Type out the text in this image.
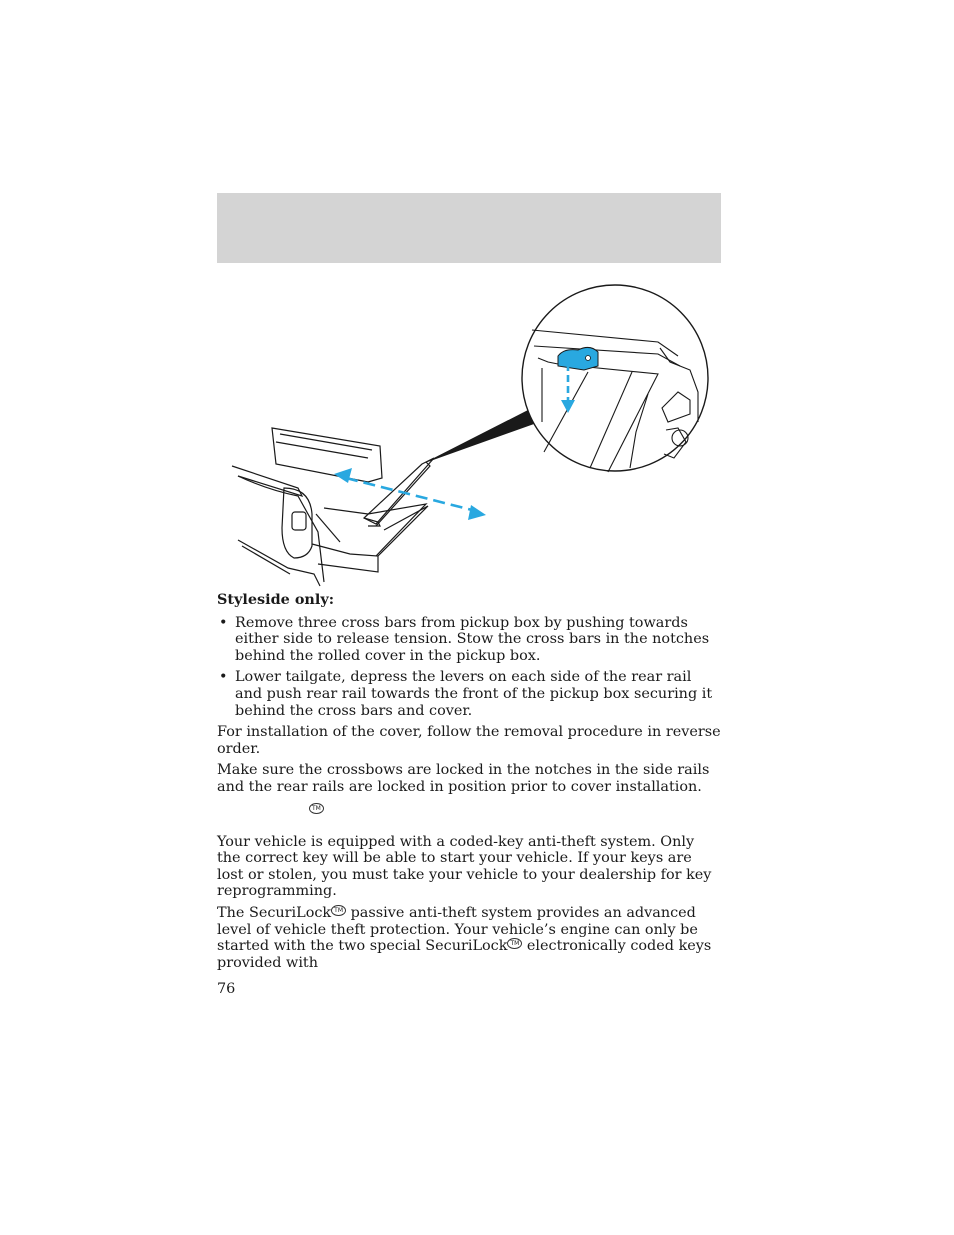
Styleside only:

• Remove three cross bars from pickup box by pushing towards either side to release tension. Stow the cross bars in the notches behind the rolled cover in the pickup box.
• Lower tailgate, depress the levers on each side of the rear rail and push rear rail towards the front of the pickup box securing it behind the cross bars and cover.

For installation of the cover, follow the removal procedure in reverse order.

Make sure the crossbows are locked in the notches in the side rails and the rear rails are locked in position prior to cover installation.

TM

Your vehicle is equipped with a coded-key anti-theft system. Only the correct key will be able to start your vehicle. If your keys are lost or stolen, you must take your vehicle to your dealership for key reprogramming.

The SecuriLock TM passive anti-theft system provides an advanced level of vehicle theft protection. Your vehicle’s engine can only be started with the two special SecuriLock TM electronically coded keys provided with

76
